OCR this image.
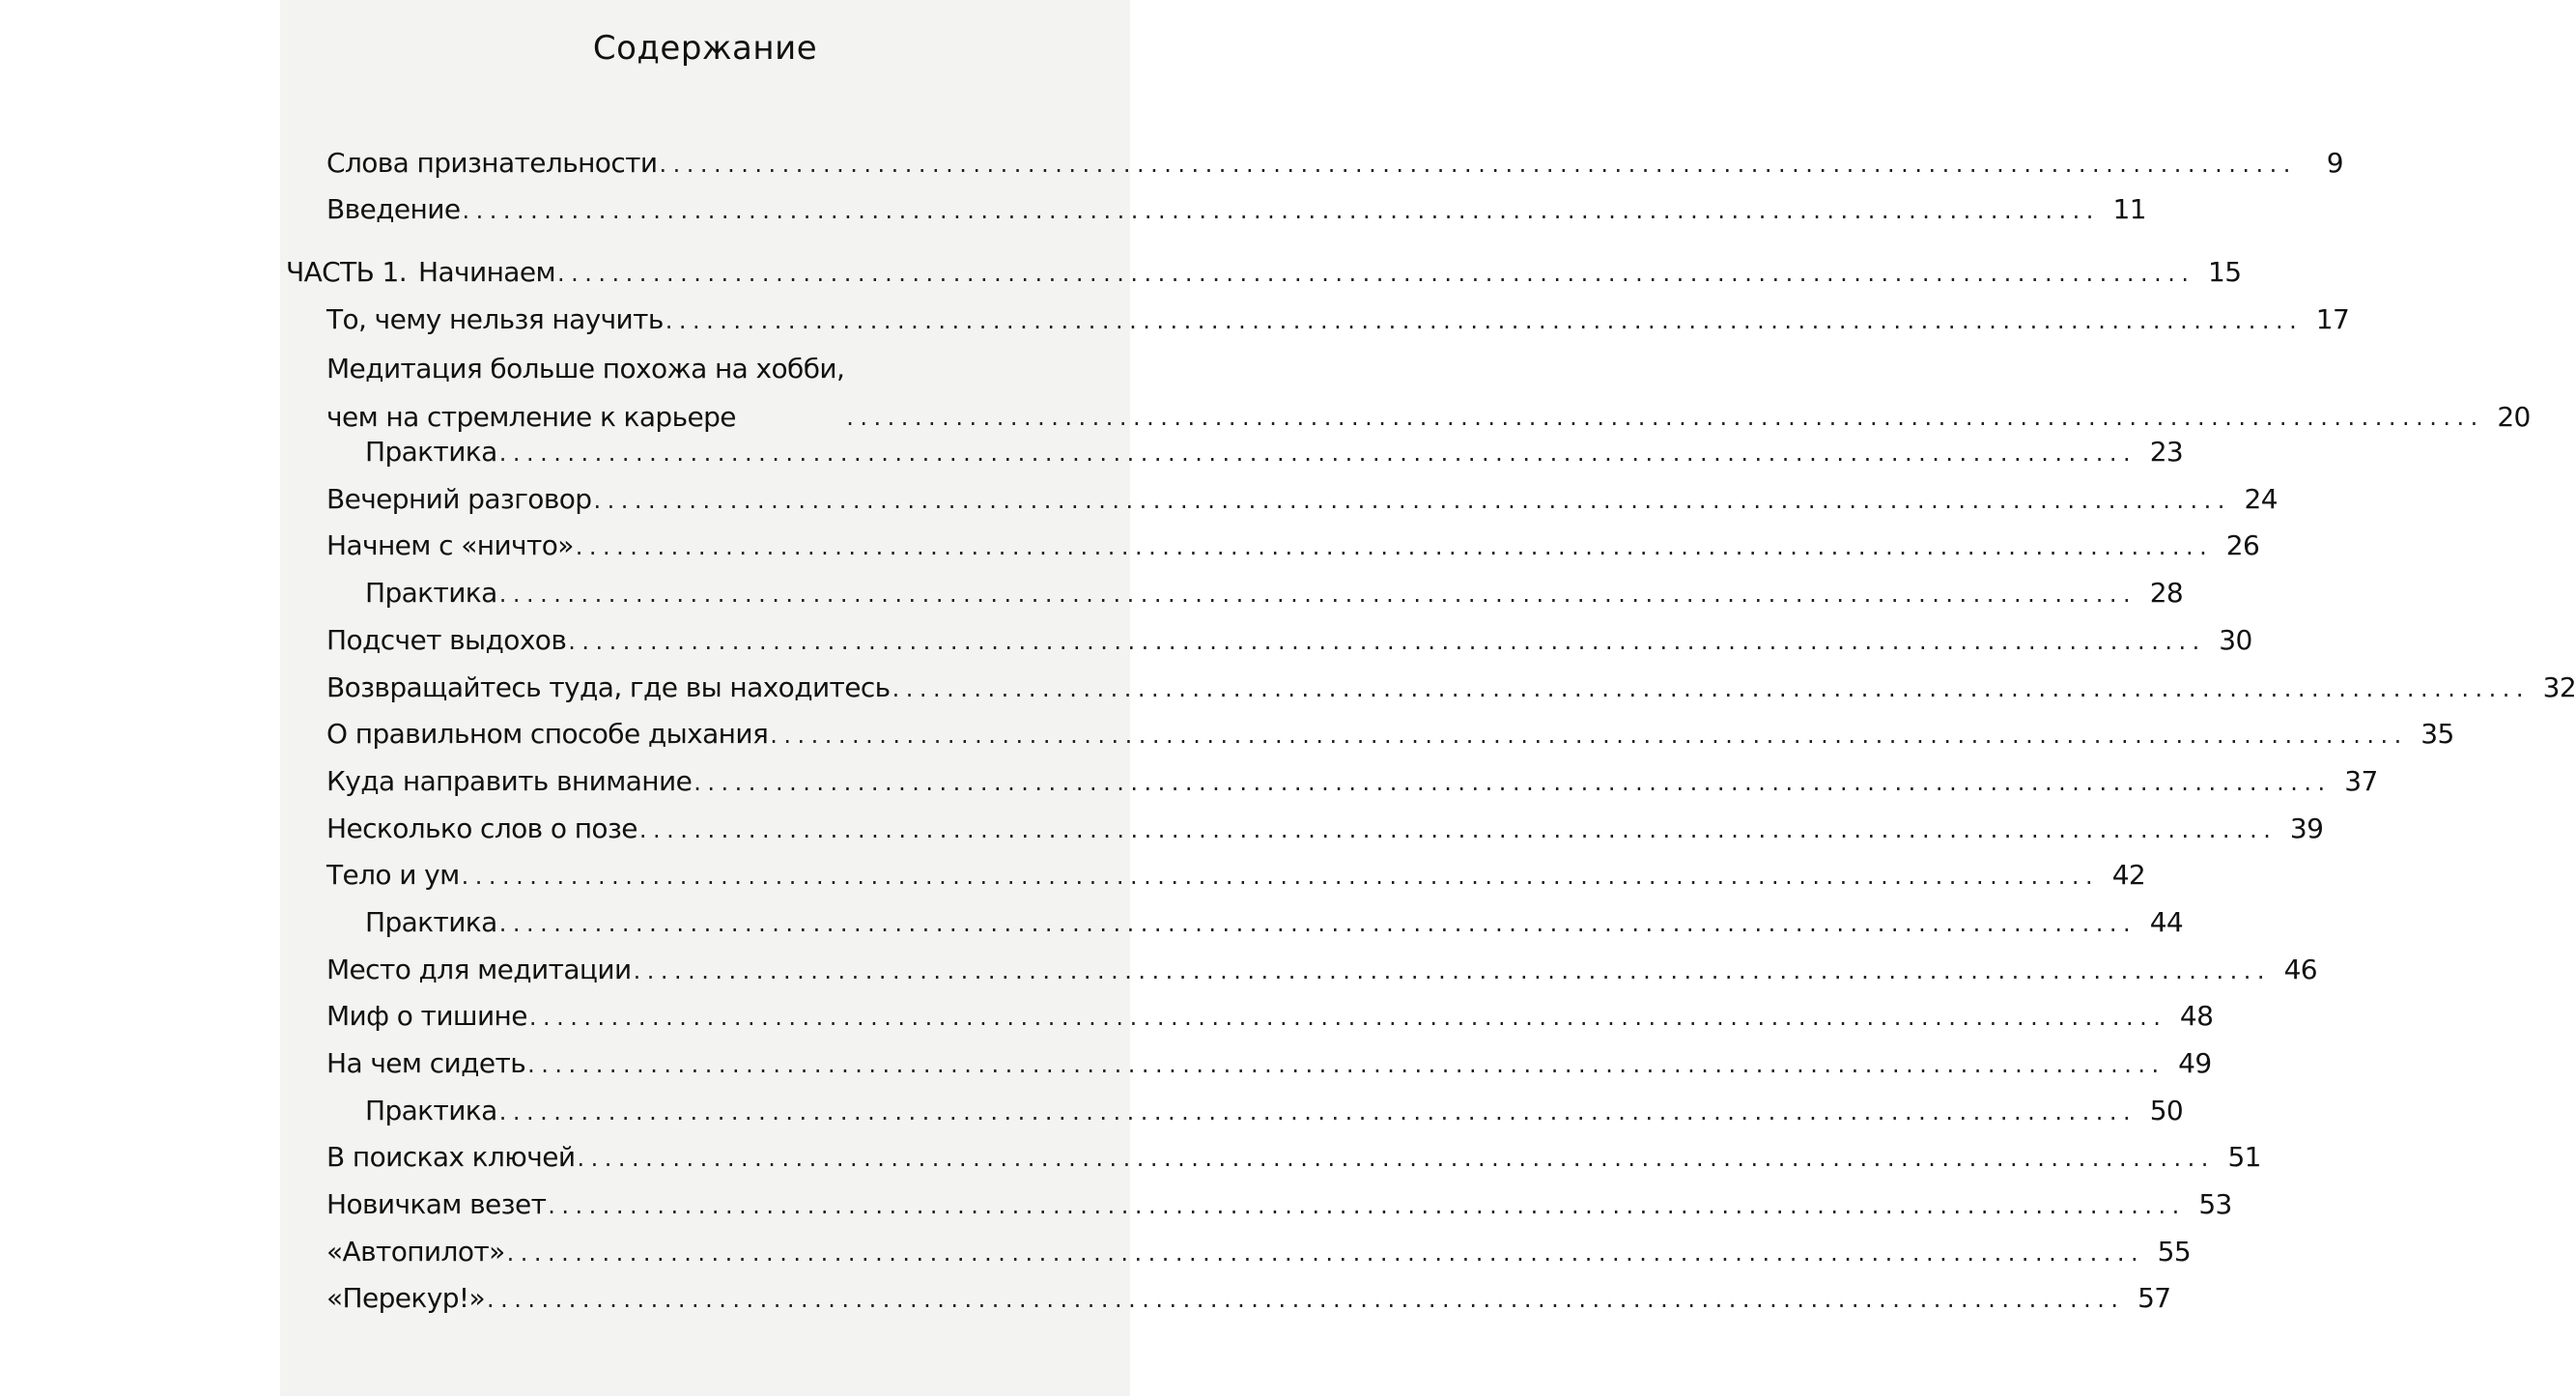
Содержание
Слова признательности ........................................................................................................................	9
Введение ........................................................................................................................ 11
ЧАСТЬ 1. Начинаем ........................................................................................................................ 15
То, чему нельзя научить ........................................................................................................................ 17
Медитация больше похожа на хобби,
чем на стремление к карьере	........................................................................................................................ 20
Практика ........................................................................................................................ 23
Вечерний разговор ........................................................................................................................ 24
Начнем с «ничто» ........................................................................................................................ 26
Практика ........................................................................................................................ 28
Подсчет выдохов ........................................................................................................................ 30
Возвращайтесь туда, где вы находитесь ........................................................................................................................ 32
О правильном способе дыхания ........................................................................................................................ 35
Куда направить внимание ........................................................................................................................ 37
Несколько слов о позе ........................................................................................................................ 39
Тело и ум ........................................................................................................................ 42
Практика ........................................................................................................................ 44
Место для медитации ........................................................................................................................ 46
Миф о тишине ........................................................................................................................ 48
На чем сидеть ........................................................................................................................ 49
Практика ........................................................................................................................ 50
В поисках ключей ........................................................................................................................ 51
Новичкам везет ........................................................................................................................ 53
«Автопилот» ........................................................................................................................ 55
«Перекур!» ........................................................................................................................ 57
